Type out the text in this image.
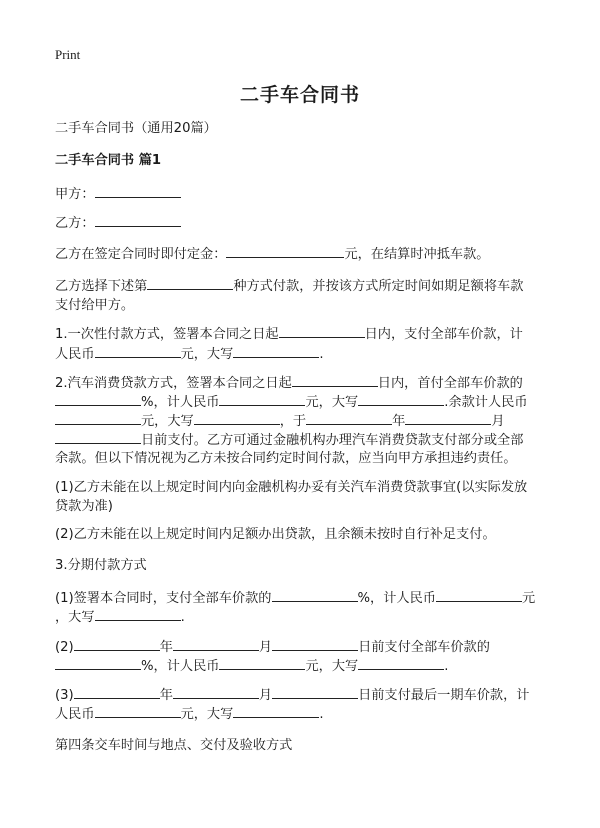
Print
二手车合同书
二手车合同书（通用20篇）
二手车合同书 篇1
甲方：
乙方：
乙方在签定合同时即付定金：	元，在结算时冲抵车款。
乙方选择下述第	种方式付款，并按该方式所定时间如期足额将车款
支付给甲方。
1.一次性付款方式，签署本合同之日起	日内，支付全部车价款，计
人民币	元，大写	.
2.汽车消费贷款方式，签署本合同之日起	日内，首付全部车价款的
%，计人民币	元，大写	.余款计人民币
元，大写	，于	年	月
日前支付。乙方可通过金融机构办理汽车消费贷款支付部分或全部
余款。但以下情况视为乙方未按合同约定时间付款，应当向甲方承担违约责任。
(1)乙方未能在以上规定时间内向金融机构办妥有关汽车消费贷款事宜(以实际发放
贷款为准)
(2)乙方未能在以上规定时间内足额办出贷款，且余额未按时自行补足支付。
3.分期付款方式
(1)签署本合同时，支付全部车价款的	%，计人民币	元
，大写	.
(2)	年	月	日前支付全部车价款的
%，计人民币	元，大写	.
(3)	年	月	日前支付最后一期车价款，计
人民币	元，大写	.
第四条交车时间与地点、交付及验收方式
